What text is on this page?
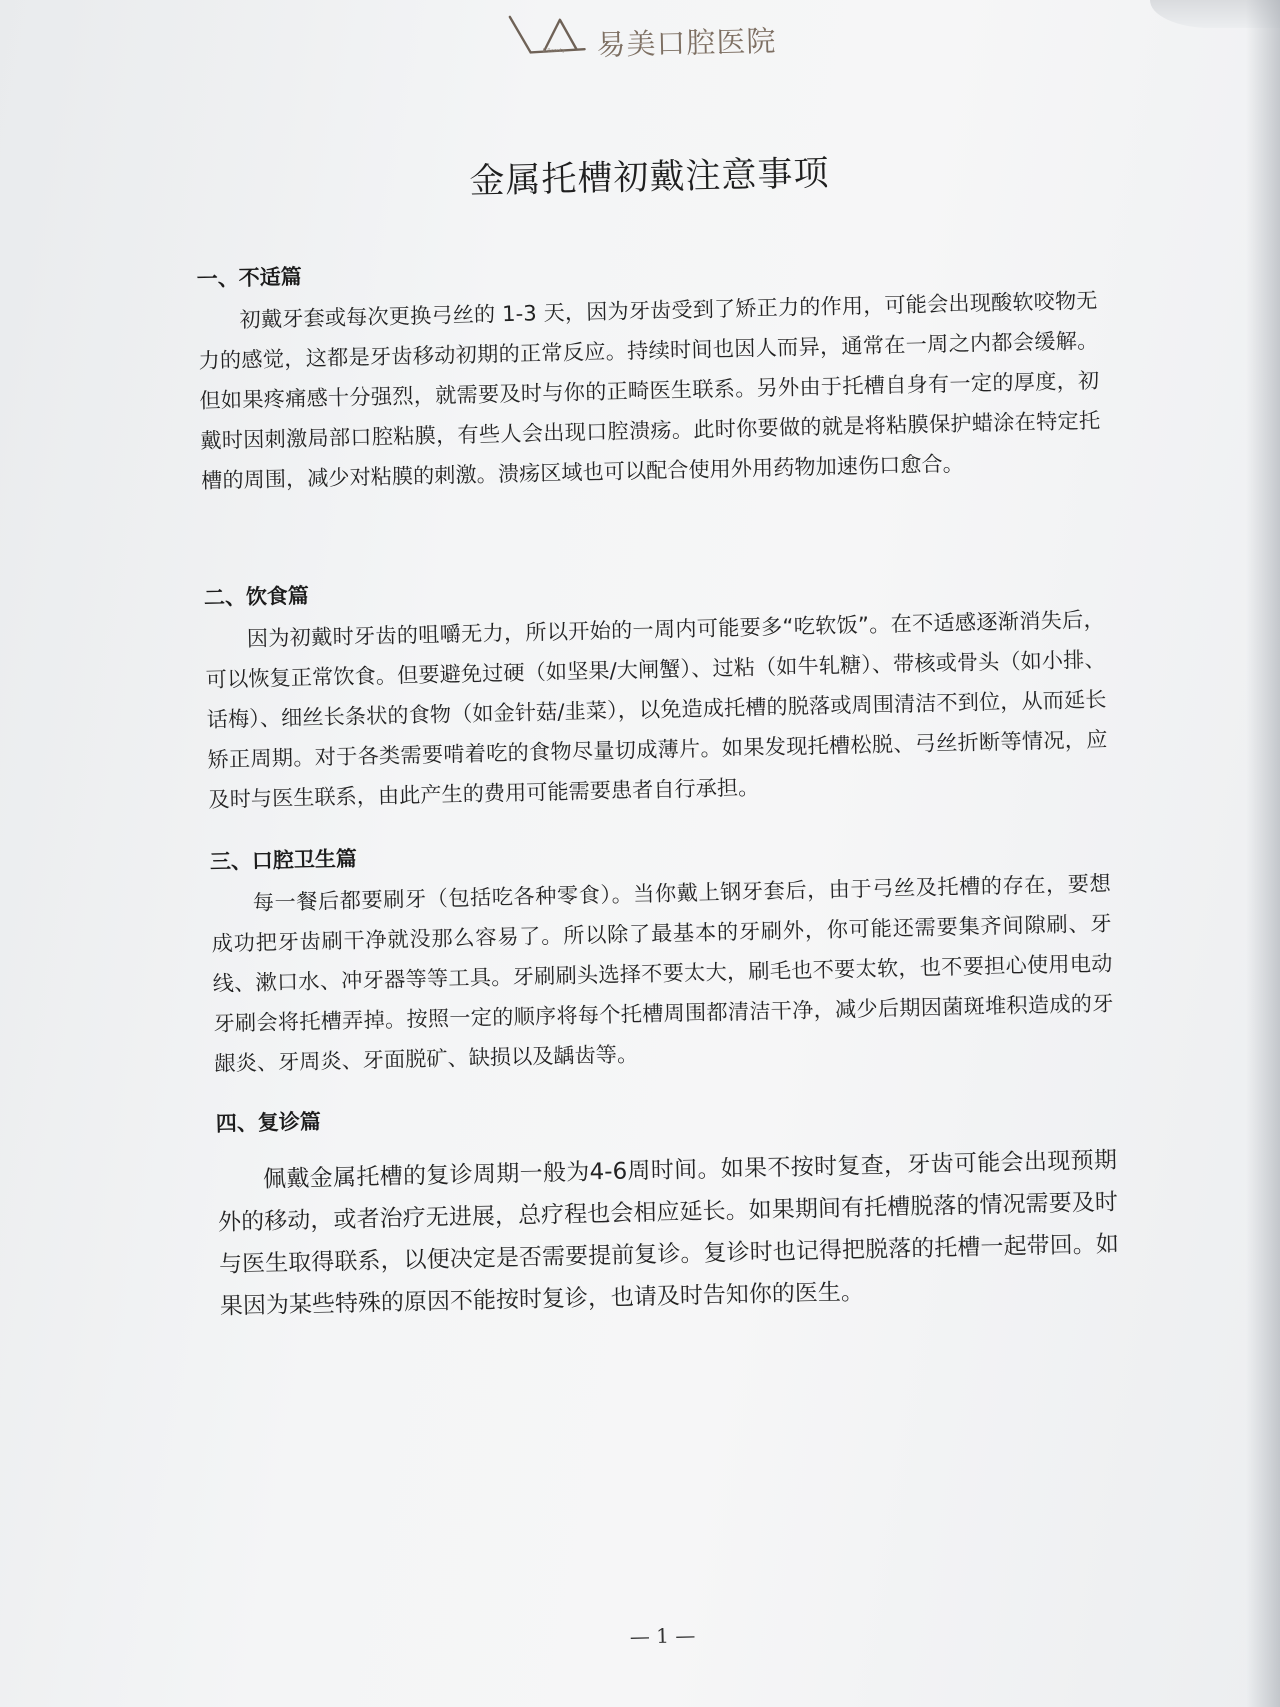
E-Beauty 易美口腔医院
金属托槽初戴注意事项
一、不适篇

初戴牙套或每次更换弓丝的 1-3 天，因为牙齿受到了矫正力的作用，可能会出现酸软咬物无力的感觉，这都是牙齿移动初期的正常反应。持续时间也因人而异，通常在一周之内都会缓解。但如果疼痛感十分强烈，就需要及时与你的正畸医生联系。另外由于托槽自身有一定的厚度，初戴时因刺激局部口腔粘膜，有些人会出现口腔溃疡。此时你要做的就是将粘膜保护蜡涂在特定托槽的周围，减少对粘膜的刺激。溃疡区域也可以配合使用外用药物加速伤口愈合。

二、饮食篇

因为初戴时牙齿的咀嚼无力，所以开始的一周内可能要多“吃软饭”。在不适感逐渐消失后，可以恢复正常饮食。但要避免过硬（如坚果/大闸蟹）、过粘（如牛轧糖）、带核或骨头（如小排、话梅）、细丝长条状的食物（如金针菇/韭菜），以免造成托槽的脱落或周围清洁不到位，从而延长矫正周期。对于各类需要啃着吃的食物尽量切成薄片。如果发现托槽松脱、弓丝折断等情况，应及时与医生联系，由此产生的费用可能需要患者自行承担。

三、口腔卫生篇

每一餐后都要刷牙（包括吃各种零食）。当你戴上钢牙套后，由于弓丝及托槽的存在，要想成功把牙齿刷干净就没那么容易了。所以除了最基本的牙刷外，你可能还需要集齐间隙刷、牙线、漱口水、冲牙器等等工具。牙刷刷头选择不要太大，刷毛也不要太软，也不要担心使用电动牙刷会将托槽弄掉。按照一定的顺序将每个托槽周围都清洁干净，减少后期因菌斑堆积造成的牙龈炎、牙周炎、牙面脱矿、缺损以及龋齿等。

四、复诊篇

佩戴金属托槽的复诊周期一般为4-6周时间。如果不按时复查，牙齿可能会出现预期外的移动，或者治疗无进展，总疗程也会相应延长。如果期间有托槽脱落的情况需要及时与医生取得联系，以便决定是否需要提前复诊。复诊时也记得把脱落的托槽一起带回。如果因为某些特殊的原因不能按时复诊，也请及时告知你的医生。

— 1 —
